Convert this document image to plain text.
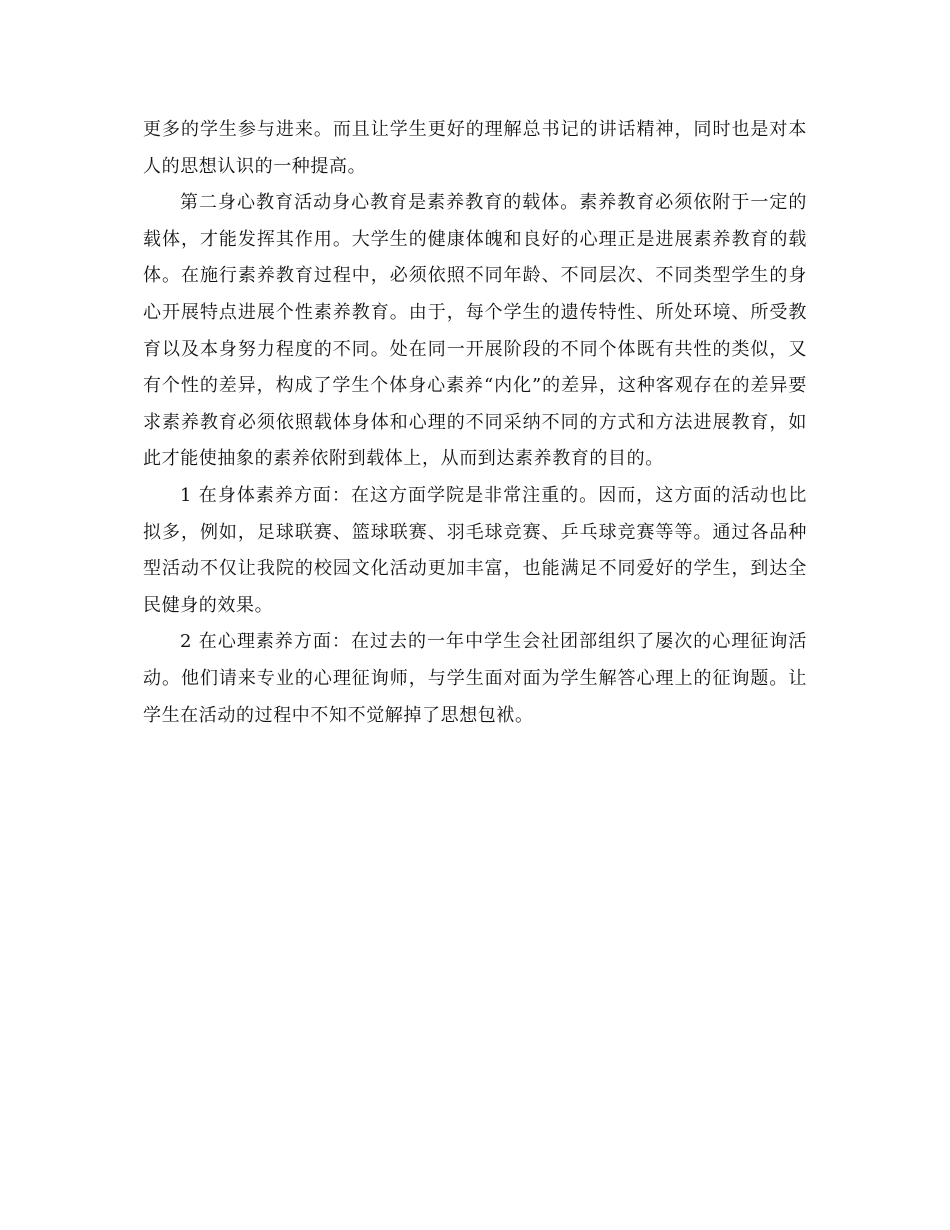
更多的学生参与进来。而且让学生更好的理解总书记的讲话精神，同时也是对本人的思想认识的一种提高。

第二身心教育活动身心教育是素养教育的载体。素养教育必须依附于一定的载体，才能发挥其作用。大学生的健康体魄和良好的心理正是进展素养教育的载体。在施行素养教育过程中，必须依照不同年龄、不同层次、不同类型学生的身心开展特点进展个性素养教育。由于，每个学生的遗传特性、所处环境、所受教育以及本身努力程度的不同。处在同一开展阶段的不同个体既有共性的类似，又有个性的差异，构成了学生个体身心素养“内化”的差异，这种客观存在的差异要求素养教育必须依照载体身体和心理的不同采纳不同的方式和方法进展教育，如此才能使抽象的素养依附到载体上，从而到达素养教育的目的。

1 在身体素养方面：在这方面学院是非常注重的。因而，这方面的活动也比拟多，例如，足球联赛、篮球联赛、羽毛球竞赛、乒乓球竞赛等等。通过各品种型活动不仅让我院的校园文化活动更加丰富，也能满足不同爱好的学生，到达全民健身的效果。

2 在心理素养方面：在过去的一年中学生会社团部组织了屡次的心理征询活动。他们请来专业的心理征询师，与学生面对面为学生解答心理上的征询题。让学生在活动的过程中不知不觉解掉了思想包袱。
